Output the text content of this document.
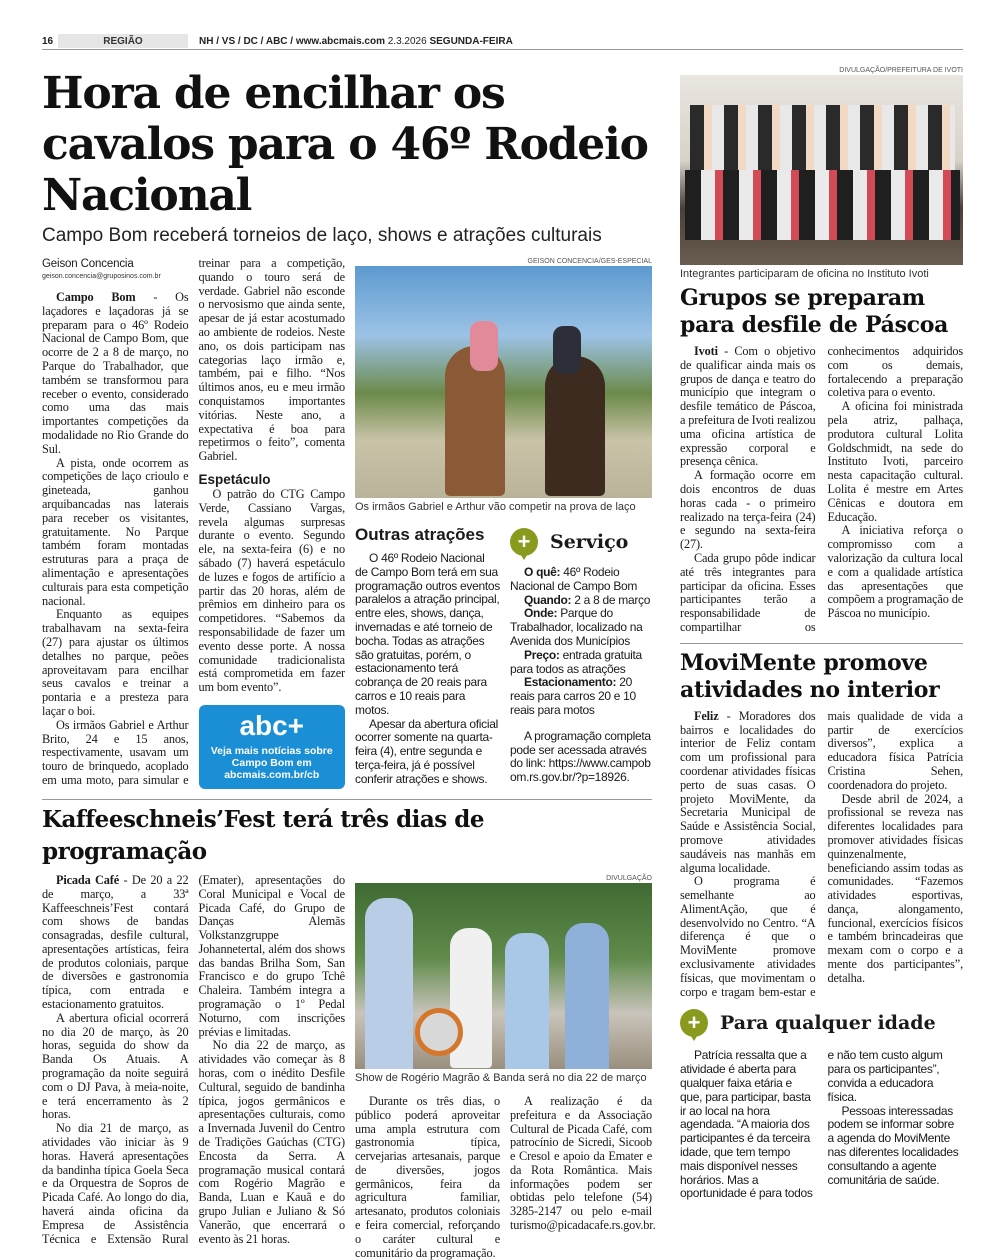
16	REGIÃO	NH / VS / DC / ABC / www.abcmais.com 2.3.2026 SEGUNDA-FEIRA
Hora de encilhar os cavalos para o 46º Rodeio Nacional
Campo Bom receberá torneios de laço, shows e atrações culturais
Geison Concencia
geison.concencia@gruposinos.com.br

Campo Bom - Os laçadores e laçadoras já se preparam para o 46º Rodeio Nacional de Campo Bom, que ocorre de 2 a 8 de março, no Parque do Trabalhador, que também se transformou para receber o evento, considerado como uma das mais importantes competições da modalidade no Rio Grande do Sul.

A pista, onde ocorrem as competições de laço crioulo e gineteada, ganhou arquibancadas nas laterais para receber os visitantes, gratuitamente. No Parque também foram montadas estruturas para a praça de alimentação e apresentações culturais para esta competição nacional.

Enquanto as equipes trabalhavam na sexta-feira (27) para ajustar os últimos detalhes no parque, peões aproveitavam para encilhar seus cavalos e treinar a pontaria e a presteza para laçar o boi.

Os irmãos Gabriel e Arthur Brito, 24 e 15 anos, respectivamente, usavam um touro de brinquedo, acoplado em uma moto, para simular e treinar para a competição, quando o touro será de verdade. Gabriel não esconde o nervosismo que ainda sente, apesar de já estar acostumado ao ambiente de rodeios. Neste ano, os dois participam nas categorias laço irmão e, também, pai e filho. “Nos últimos anos, eu e meu irmão conquistamos importantes vitórias. Neste ano, a expectativa é boa para repetirmos o feito”, comenta Gabriel.

Espetáculo

O patrão do CTG Campo Verde, Cassiano Vargas, revela algumas surpresas durante o evento. Segundo ele, na sexta-feira (6) e no sábado (7) haverá espetáculo de luzes e fogos de artifício a partir das 20 horas, além de prêmios em dinheiro para os competidores. “Sabemos da responsabilidade de fazer um evento desse porte. A nossa comunidade tradicionalista está comprometida em fazer um bom evento”.

abc+
Veja mais notícias sobre Campo Bom em abcmais.com.br/cb
GEISON CONCENCIA/GES-ESPECIAL
Os irmãos Gabriel e Arthur vão competir na prova de laço
Outras atrações

O 46º Rodeio Nacional de Campo Bom terá em sua programação outros eventos paralelos a atração principal, entre eles, shows, dança, invernadas e até torneio de bocha. Todas as atrações são gratuitas, porém, o estacionamento terá cobrança de 20 reais para carros e 10 reais para motos.

Apesar da abertura oficial ocorrer somente na quarta-feira (4), entre segunda e terça-feira, já é possível conferir atrações e shows.

+	Serviço

O quê: 46º Rodeio Nacional de Campo Bom

Quando: 2 a 8 de março

Onde: Parque do Trabalhador, localizado na Avenida dos Municípios

Preço: entrada gratuita para todos as atrações

Estacionamento: 20 reais para carros 20 e 10 reais para motos

A programação completa pode ser acessada através do link: https://www.campobom.rs.gov.br/?p=18926.

Kaffeeschneis’Fest terá três dias de programação

Picada Café - De 20 a 22 de março, a 33ª Kaffeeschneis’Fest contará com shows de bandas consagradas, desfile cultural, apresentações artísticas, feira de produtos coloniais, parque de diversões e gastronomia típica, com entrada e estacionamento gratuitos.

A abertura oficial ocorrerá no dia 20 de março, às 20 horas, seguida do show da Banda Os Atuais. A programação da noite seguirá com o DJ Pava, à meia-noite, e terá encerramento às 2 horas.

No dia 21 de março, as atividades vão iniciar às 9 horas. Haverá apresentações da bandinha típica Goela Seca e da Orquestra de Sopros de Picada Café. Ao longo do dia, haverá ainda oficina da Empresa de Assistência Técnica e Extensão Rural (Emater), apresentações do Coral Municipal e Vocal de Picada Café, do Grupo de Danças Alemãs Volkstanzgruppe Johannetertal, além dos shows das bandas Brilha Som, San Francisco e do grupo Tchê Chaleira. Também integra a programação o 1º Pedal Noturno, com inscrições prévias e limitadas.

No dia 22 de março, as atividades vão começar às 8 horas, com o inédito Desfile Cultural, seguido de bandinha típica, jogos germânicos e apresentações culturais, como a Invernada Juvenil do Centro de Tradições Gaúchas (CTG) Encosta da Serra. A programação musical contará com Rogério Magrão e Banda, Luan e Kauã e do grupo Julian e Juliano & Só Vanerão, que encerrará o evento às 21 horas.

DIVULGAÇÃO
Show de Rogério Magrão & Banda será no dia 22 de março

Durante os três dias, o público poderá aproveitar uma ampla estrutura com gastronomia típica, cervejarias artesanais, parque de diversões, jogos germânicos, feira da agricultura familiar, artesanato, produtos coloniais e feira comercial, reforçando o caráter cultural e comunitário da programação.

A realização é da prefeitura e da Associação Cultural de Picada Café, com patrocínio de Sicredi, Sicoob e Cresol e apoio da Emater e da Rota Romântica. Mais informações podem ser obtidas pelo telefone (54) 3285-2147 ou pelo e-mail turismo@picadacafe.rs.gov.br.

DIVULGAÇÃO/PREFEITURA DE IVOTI
Integrantes participaram de oficina no Instituto Ivoti
Grupos se preparam para desfile de Páscoa

Ivoti - Com o objetivo de qualificar ainda mais os grupos de dança e teatro do município que integram o desfile temático de Páscoa, a prefeitura de Ivoti realizou uma oficina artística de expressão corporal e presença cênica.

A formação ocorre em dois encontros de duas horas cada - o primeiro realizado na terça-feira (24) e segundo na sexta-feira (27).

Cada grupo pôde indicar até três integrantes para participar da oficina. Esses participantes terão a responsabilidade de compartilhar os conhecimentos adquiridos com os demais, fortalecendo a preparação coletiva para o evento.

A oficina foi ministrada pela atriz, palhaça, produtora cultural Lolita Goldschmidt, na sede do Instituto Ivoti, parceiro nesta capacitação cultural. Lolita é mestre em Artes Cênicas e doutora em Educação.

A iniciativa reforça o compromisso com a valorização da cultura local e com a qualidade artística das apresentações que compõem a programação de Páscoa no município.

MoviMente promove atividades no interior

Feliz - Moradores dos bairros e localidades do interior de Feliz contam com um profissional para coordenar atividades físicas perto de suas casas. O projeto MoviMente, da Secretaria Municipal de Saúde e Assistência Social, promove atividades saudáveis nas manhãs em alguma localidade.

O programa é semelhante ao AlimentAção, que é desenvolvido no Centro. “A diferença é que o MoviMente promove exclusivamente atividades físicas, que movimentam o corpo e tragam bem-estar e mais qualidade de vida a partir de exercícios diversos”, explica a educadora física Patrícia Cristina Sehen, coordenadora do projeto.

Desde abril de 2024, a profissional se reveza nas diferentes localidades para promover atividades físicas quinzenalmente, beneficiando assim todas as comunidades. “Fazemos atividades esportivas, dança, alongamento, funcional, exercícios físicos e também brincadeiras que mexam com o corpo e a mente dos participantes”, detalha.

+	Para qualquer idade

Patrícia ressalta que a atividade é aberta para qualquer faixa etária e que, para participar, basta ir ao local na hora agendada. “A maioria dos participantes é da terceira idade, que tem tempo mais disponível nesses horários. Mas a oportunidade é para todos e não tem custo algum para os participantes”, convida a educadora física.

Pessoas interessadas podem se informar sobre a agenda do MoviMente nas diferentes localidades consultando a agente comunitária de saúde.
